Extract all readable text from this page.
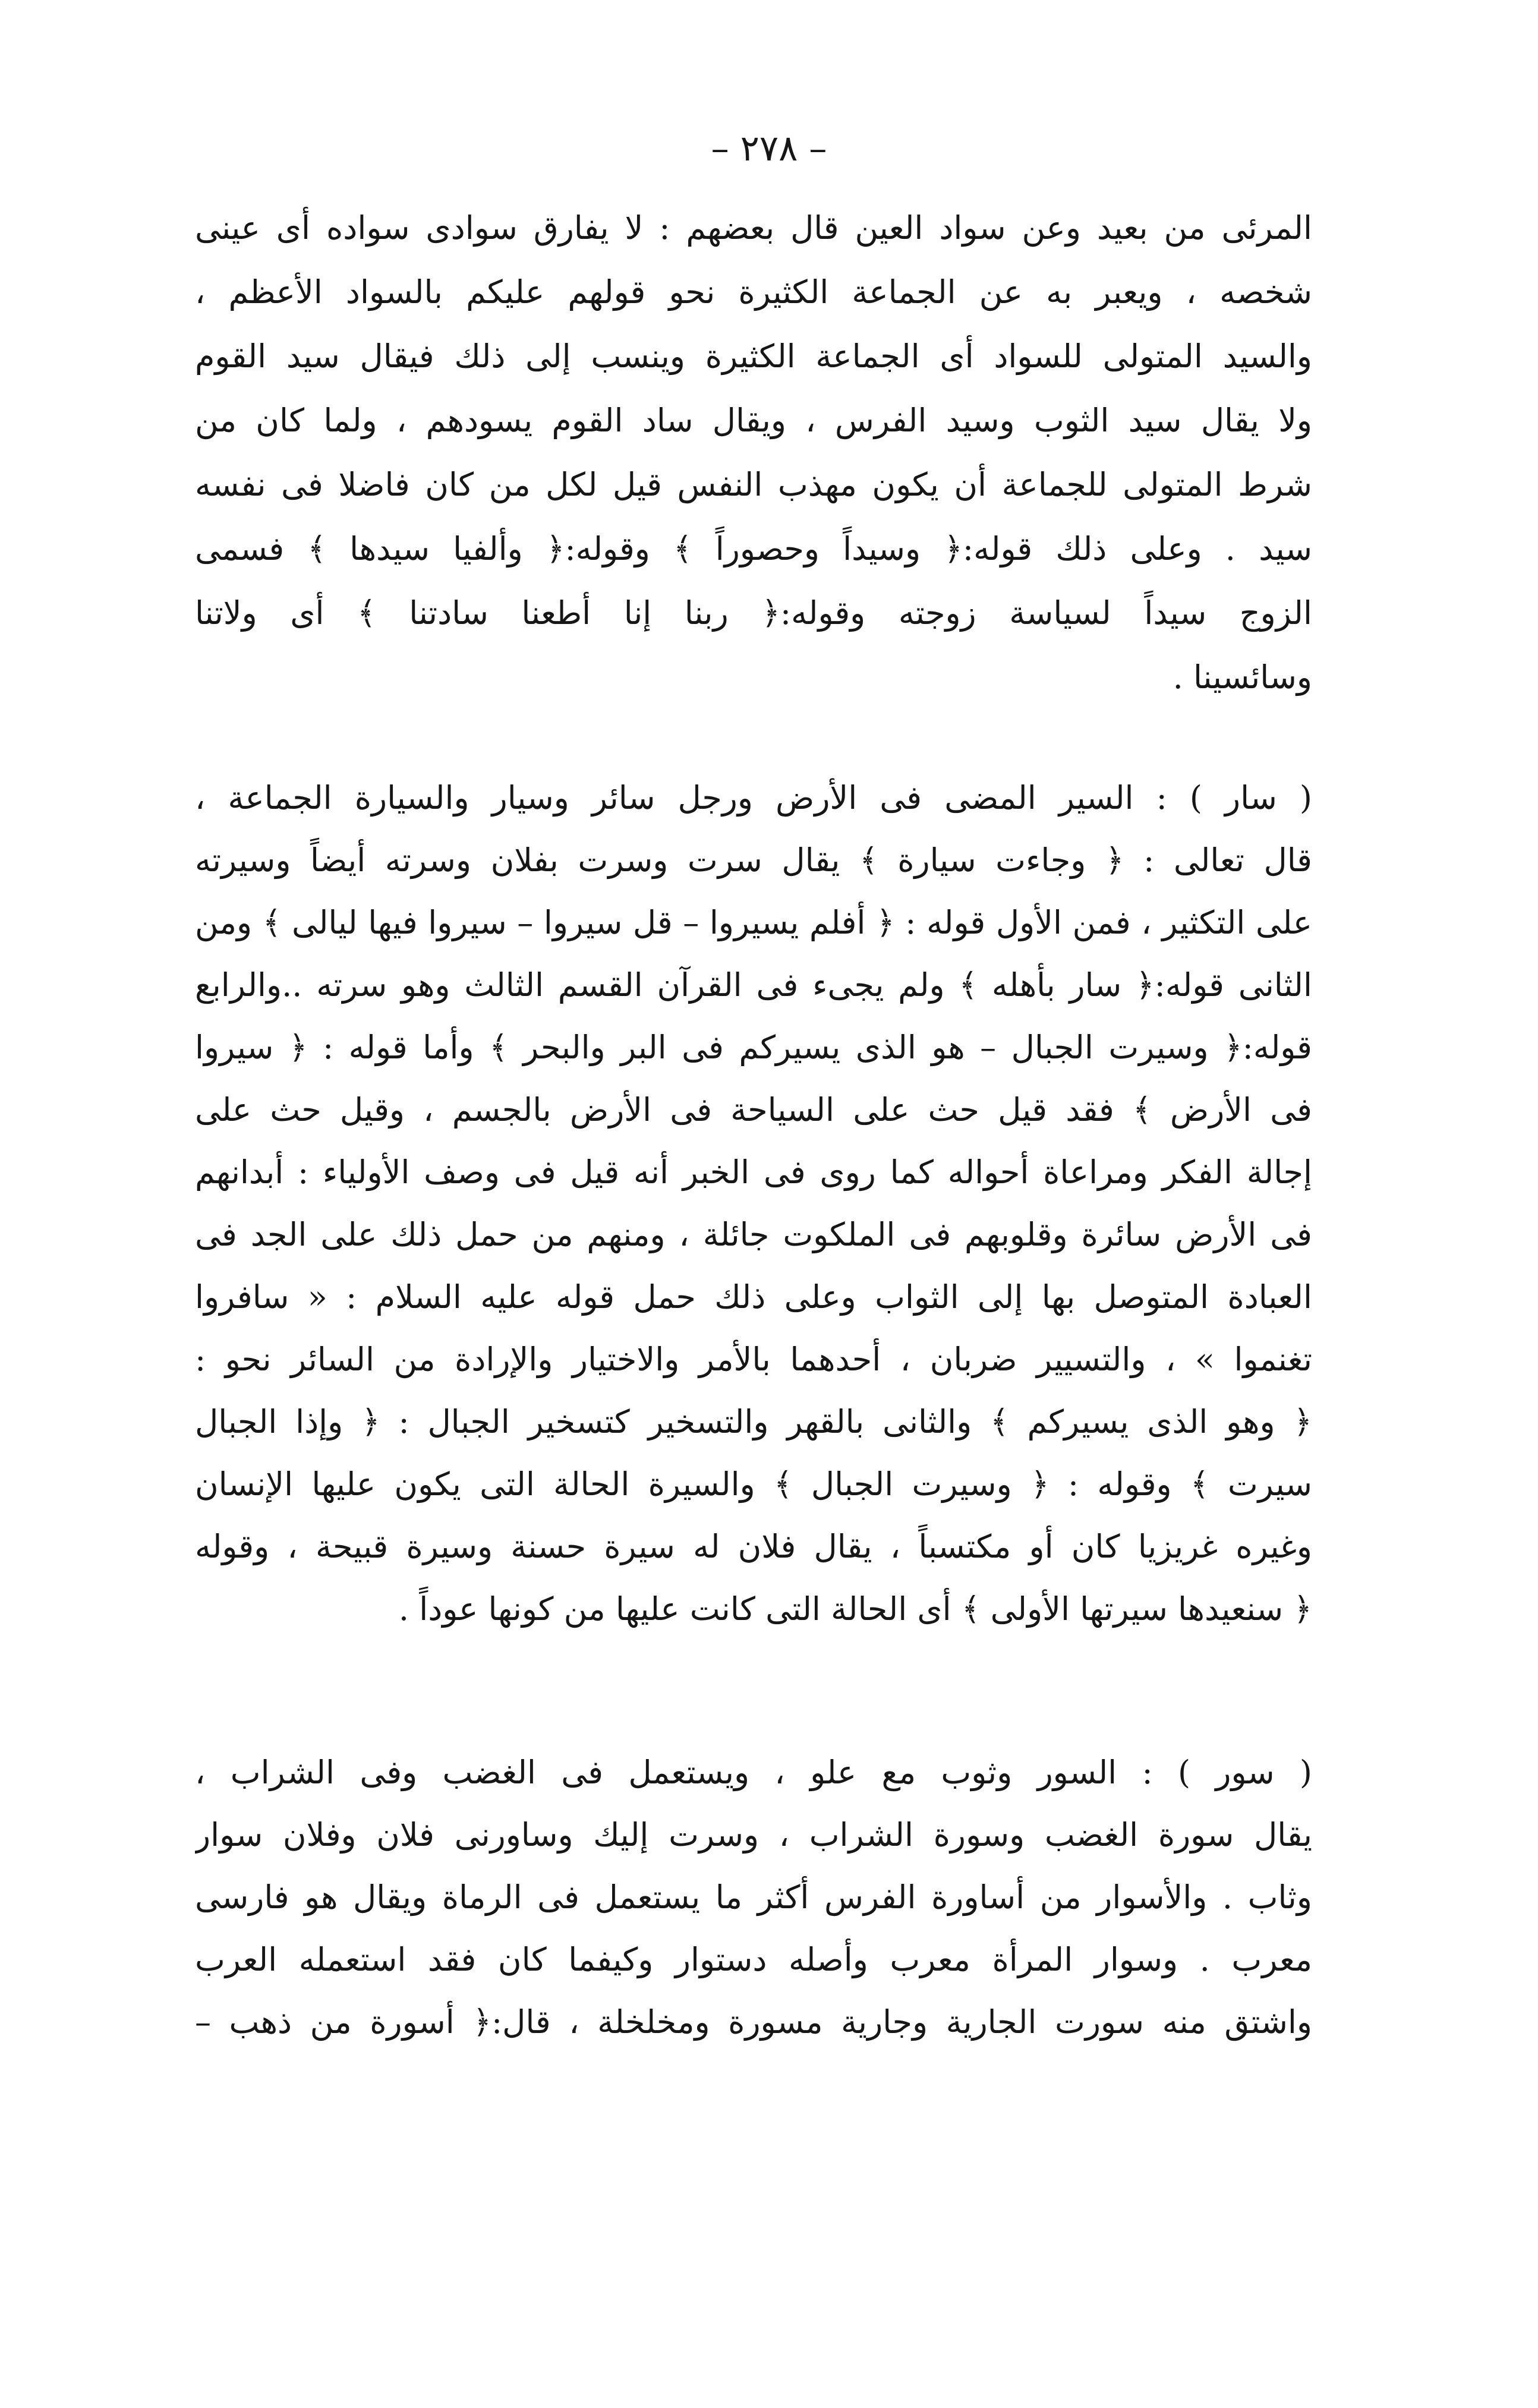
– ٢٧٨ –
المرئى من بعيد وعن سواد العين قال بعضهم : لا يفارق سوادى سواده أى عينى
شخصه ، ويعبر به عن الجماعة الكثيرة نحو قولهم عليكم بالسواد الأعظم ،
والسيد المتولى للسواد أى الجماعة الكثيرة وينسب إلى ذلك فيقال سيد القوم
ولا يقال سيد الثوب وسيد الفرس ، ويقال ساد القوم يسودهم ، ولما كان من
شرط المتولى للجماعة أن يكون مهذب النفس قيل لكل من كان فاضلا فى نفسه
سيد . وعلى ذلك قوله:﴿ وسيداً وحصوراً ﴾ وقوله:﴿ وألفيا سيدها ﴾ فسمى
الزوج سيداً لسياسة زوجته وقوله:﴿ ربنا إنا أطعنا سادتنا ﴾ أى ولاتنا
وسائسينا .
( سار ) : السير المضى فى الأرض ورجل سائر وسيار والسيارة الجماعة ،
قال تعالى : ﴿ وجاءت سيارة ﴾ يقال سرت وسرت بفلان وسرته أيضاً وسيرته
على التكثير ، فمن الأول قوله : ﴿ أفلم يسيروا – قل سيروا – سيروا فيها ليالى ﴾ ومن
الثانى قوله:﴿ سار بأهله ﴾ ولم يجىء فى القرآن القسم الثالث وهو سرته ..والرابع
قوله:﴿ وسيرت الجبال – هو الذى يسيركم فى البر والبحر ﴾ وأما قوله : ﴿ سيروا
فى الأرض ﴾ فقد قيل حث على السياحة فى الأرض بالجسم ، وقيل حث على
إجالة الفكر ومراعاة أحواله كما روى فى الخبر أنه قيل فى وصف الأولياء : أبدانهم
فى الأرض سائرة وقلوبهم فى الملكوت جائلة ، ومنهم من حمل ذلك على الجد فى
العبادة المتوصل بها إلى الثواب وعلى ذلك حمل قوله عليه السلام : « سافروا
تغنموا » ، والتسيير ضربان ، أحدهما بالأمر والاختيار والإرادة من السائر نحو :
﴿ وهو الذى يسيركم ﴾ والثانى بالقهر والتسخير كتسخير الجبال : ﴿ وإذا الجبال
سيرت ﴾ وقوله : ﴿ وسيرت الجبال ﴾ والسيرة الحالة التى يكون عليها الإنسان
وغيره غريزيا كان أو مكتسباً ، يقال فلان له سيرة حسنة وسيرة قبيحة ، وقوله
﴿ سنعيدها سيرتها الأولى ﴾ أى الحالة التى كانت عليها من كونها عوداً .
( سور ) : السور وثوب مع علو ، ويستعمل فى الغضب وفى الشراب ،
يقال سورة الغضب وسورة الشراب ، وسرت إليك وساورنى فلان وفلان سوار
وثاب . والأسوار من أساورة الفرس أكثر ما يستعمل فى الرماة ويقال هو فارسى
معرب . وسوار المرأة معرب وأصله دستوار وكيفما كان فقد استعمله العرب
واشتق منه سورت الجارية وجارية مسورة ومخلخلة ، قال:﴿ أسورة من ذهب –
